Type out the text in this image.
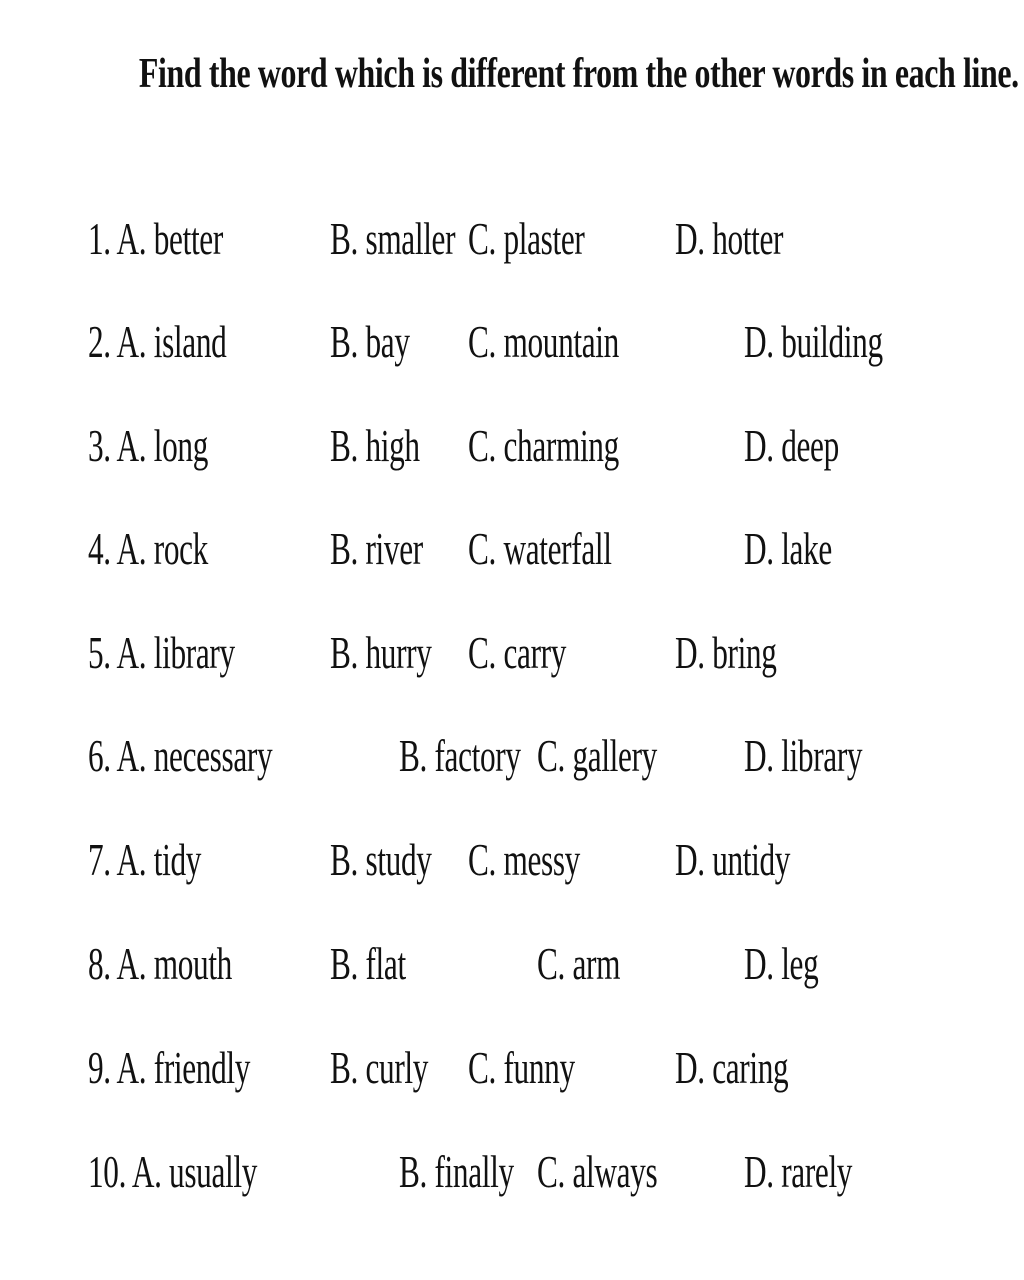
Find the word which is different from the other words in each line.
1. A. better B. smaller C. plaster D. hotter
2. A. island B. bay C. mountain	D. building
3. A. long	B. high C. charming	D. deep
4. A. rock	B. river C. waterfall	D. lake
5. A. library B. hurry C. carry D. bring
6. A. necessary	B. factory C. gallery D. library
7. A. tidy	B. study C. messy D. untidy
8. A. mouth B. flat	C. arm	D. leg
9. A. friendly B. curly C. funny D. caring
10. A. usually	B. finally C. always D. rarely
